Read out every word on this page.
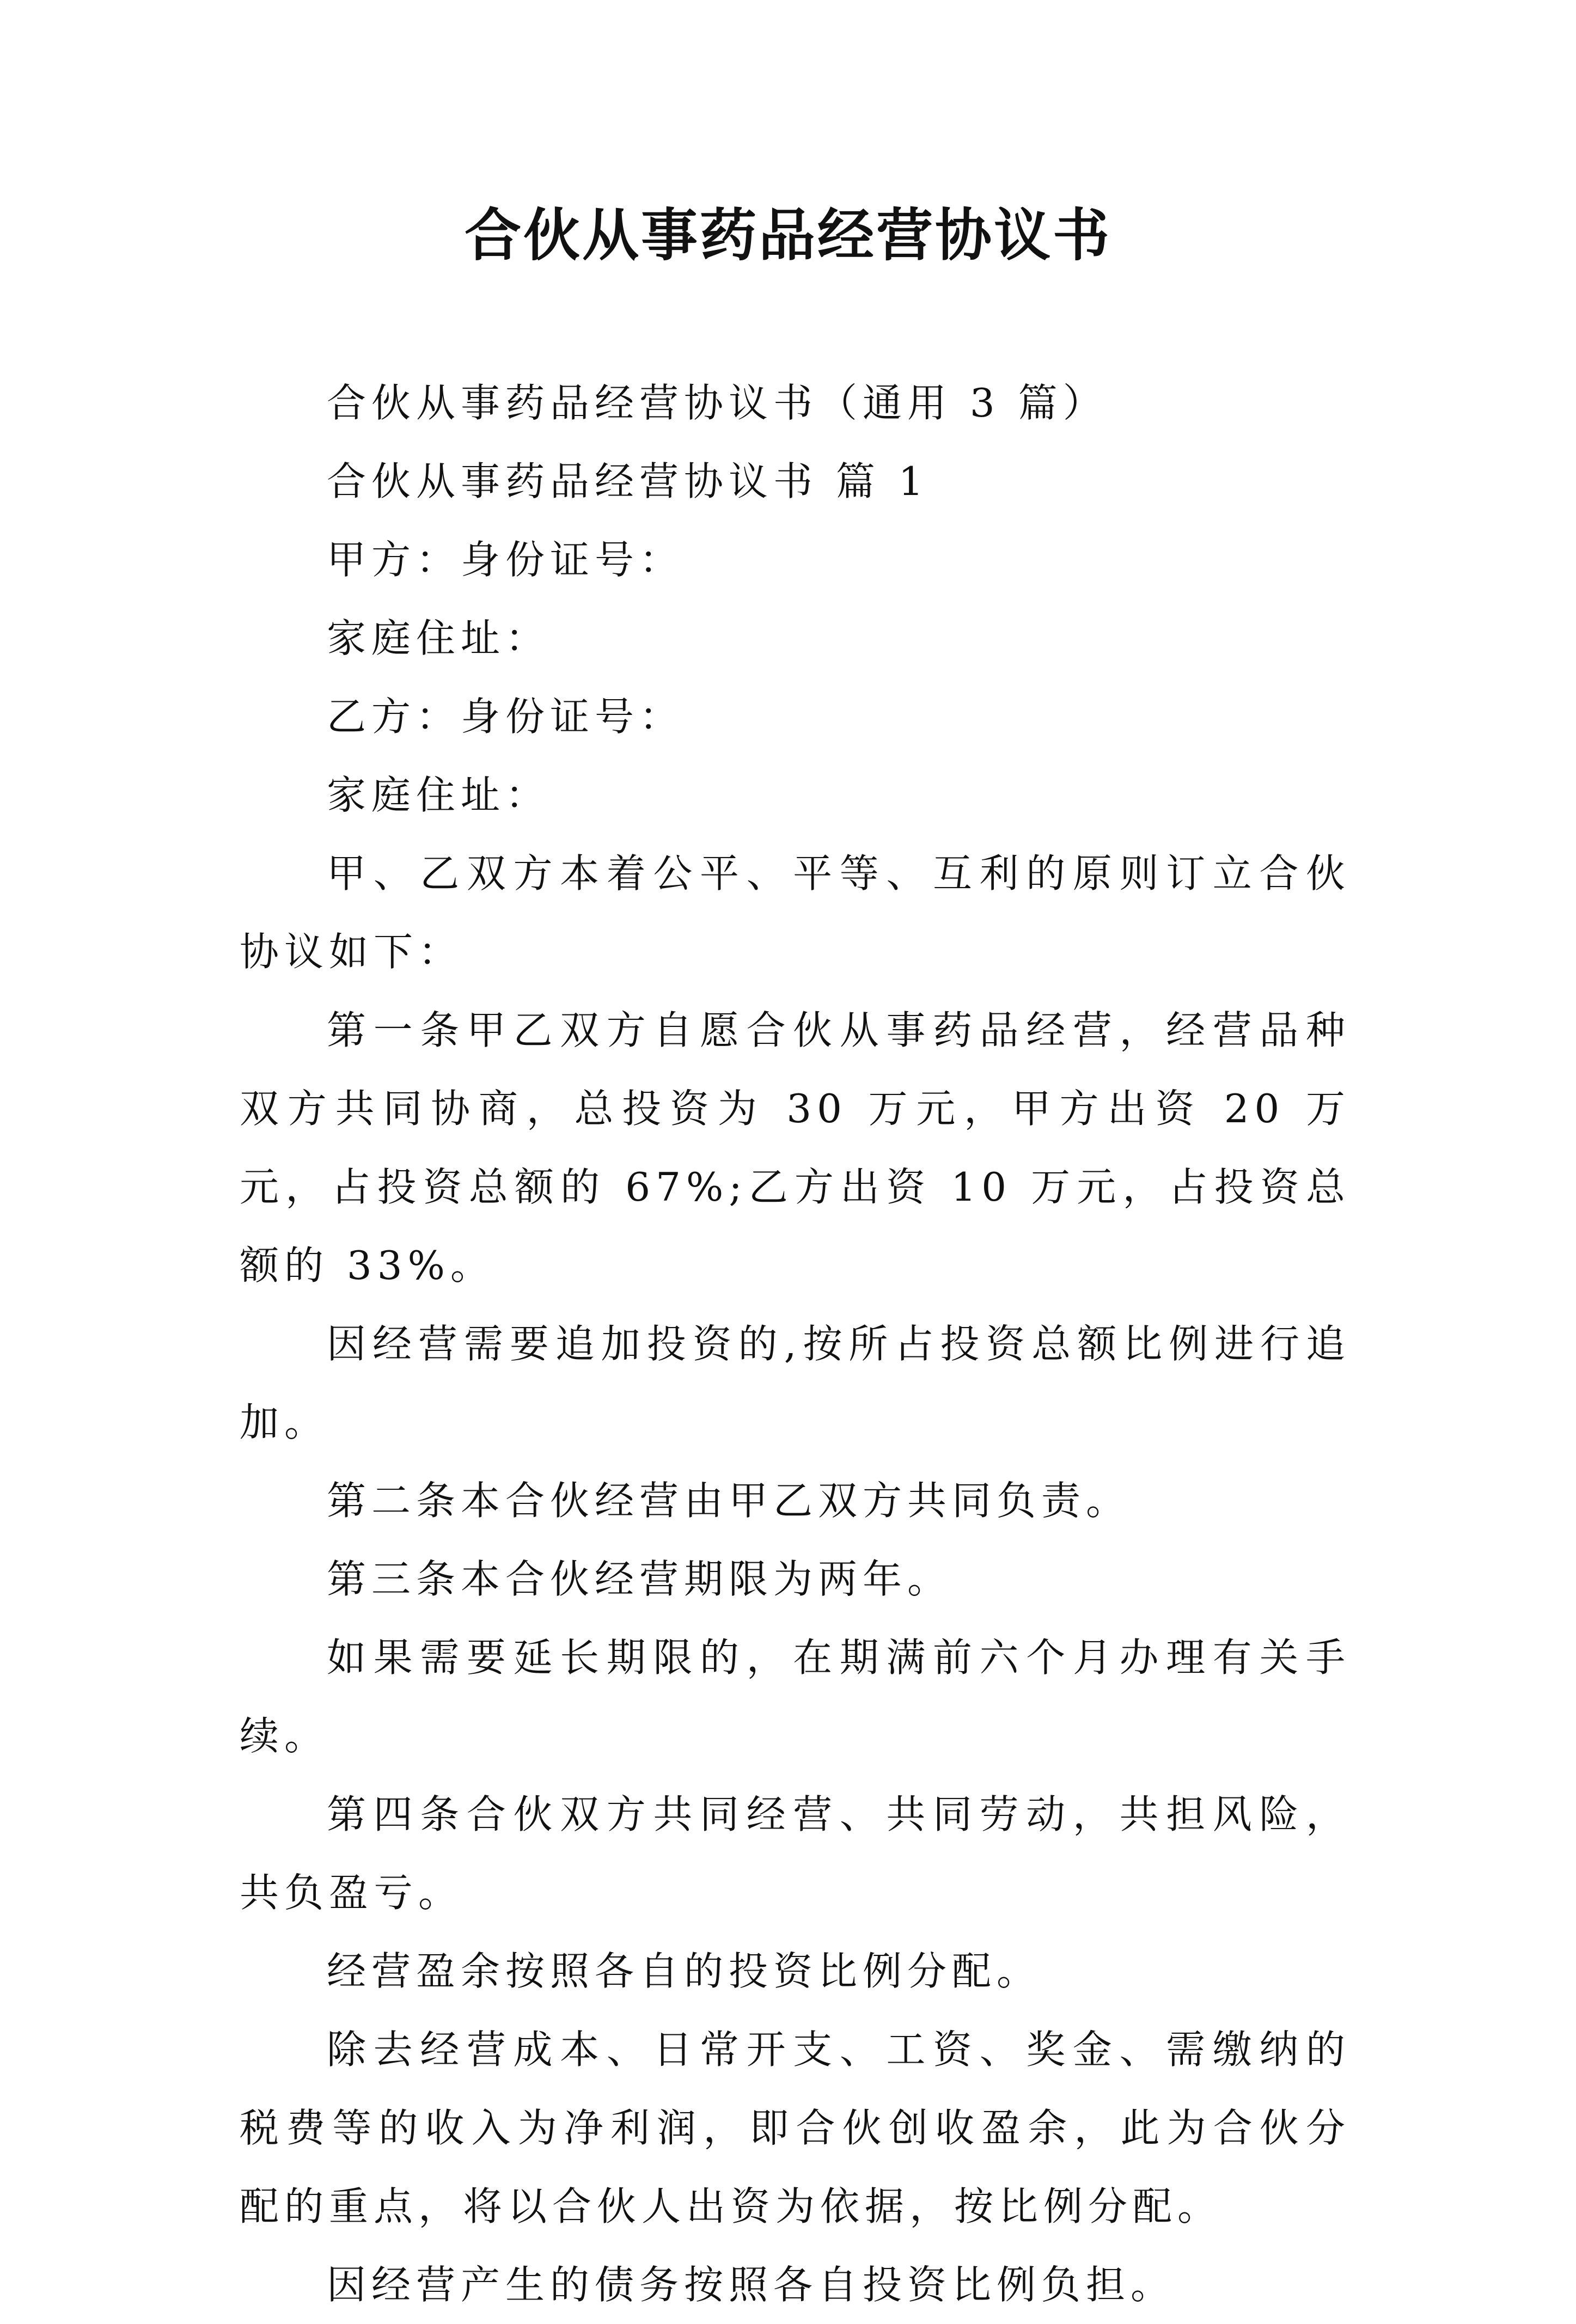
合伙从事药品经营协议书

合伙从事药品经营协议书（通用 3 篇）

合伙从事药品经营协议书 篇 1

甲方：身份证号：

家庭住址：

乙方：身份证号：

家庭住址：

甲、乙双方本着公平、平等、互利的原则订立合伙协议如下：

第一条甲乙双方自愿合伙从事药品经营，经营品种双方共同协商，总投资为 30 万元，甲方出资 20 万元，占投资总额的 67%;乙方出资 10 万元，占投资总额的 33%。

因经营需要追加投资的,按所占投资总额比例进行追加。

第二条本合伙经营由甲乙双方共同负责。

第三条本合伙经营期限为两年。

如果需要延长期限的，在期满前六个月办理有关手续。

第四条合伙双方共同经营、共同劳动，共担风险，共负盈亏。

经营盈余按照各自的投资比例分配。

除去经营成本、日常开支、工资、奖金、需缴纳的税费等的收入为净利润，即合伙创收盈余，此为合伙分配的重点，将以合伙人出资为依据，按比例分配。

因经营产生的债务按照各自投资比例负担。
